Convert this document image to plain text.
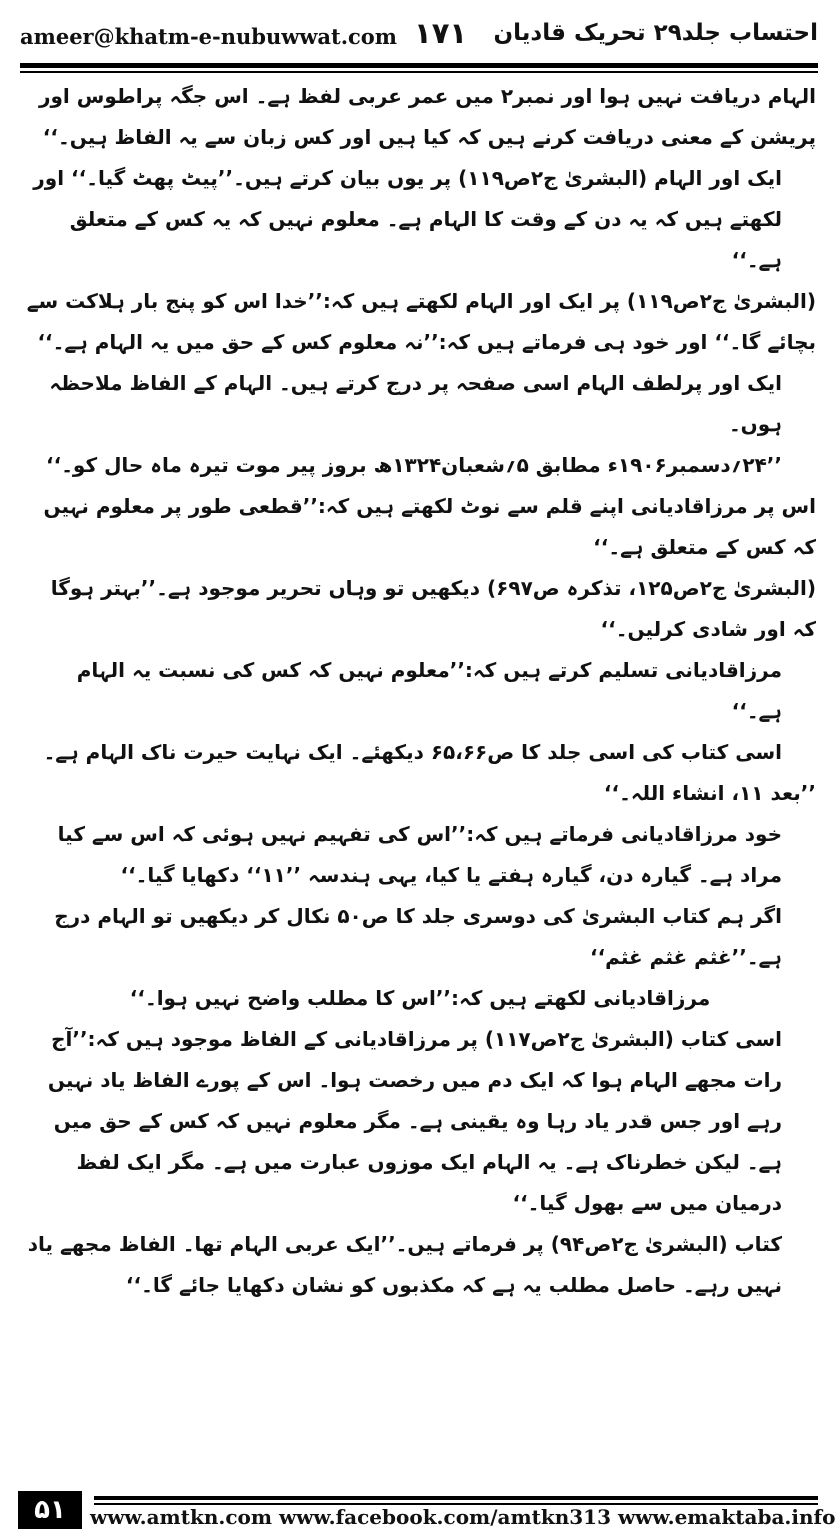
ameer@khatm-e-nubuwwat.com ۱۷۱ احتساب جلد۲۹ تحریک قادیان

الہام دریافت نہیں ہوا اور نمبر۲ میں عمر عربی لفظ ہے۔ اس جگہ پراطوس اور پریشن کے معنی دریافت کرنے ہیں کہ کیا ہیں اور کس زبان سے یہ الفاظ ہیں۔‘‘

ایک اور الہام (البشریٰ ج۲ص۱۱۹) پر یوں بیان کرتے ہیں۔’’پیٹ پھٹ گیا۔‘‘ اور لکھتے ہیں کہ یہ دن کے وقت کا الہام ہے۔ معلوم نہیں کہ یہ کس کے متعلق ہے۔‘‘

(البشریٰ ج۲ص۱۱۹) پر ایک اور الہام لکھتے ہیں کہ:’’خدا اس کو پنج بار ہلاکت سے بچائے گا۔‘‘ اور خود ہی فرماتے ہیں کہ:’’نہ معلوم کس کے حق میں یہ الہام ہے۔‘‘

ایک اور پرلطف الہام اسی صفحہ پر درج کرتے ہیں۔ الہام کے الفاظ ملاحظہ ہوں۔

’’۲۴؍دسمبر۱۹۰۶ء مطابق ۵؍شعبان۱۳۲۴ھ بروز پیر موت تیرہ ماہ حال کو۔‘‘

اس پر مرزاقادیانی اپنے قلم سے نوٹ لکھتے ہیں کہ:’’قطعی طور پر معلوم نہیں کہ کس کے متعلق ہے۔‘‘

(البشریٰ ج۲ص۱۲۵، تذکرہ ص۶۹۷) دیکھیں تو وہاں تحریر موجود ہے۔’’بہتر ہوگا کہ اور شادی کرلیں۔‘‘

مرزاقادیانی تسلیم کرتے ہیں کہ:’’معلوم نہیں کہ کس کی نسبت یہ الہام ہے۔‘‘

اسی کتاب کی اسی جلد کا ص۶۵،۶۶ دیکھئے۔ ایک نہایت حیرت ناک الہام ہے۔

’’بعد ۱۱، انشاء اللہ۔‘‘

خود مرزاقادیانی فرماتے ہیں کہ:’’اس کی تفہیم نہیں ہوئی کہ اس سے کیا مراد ہے۔ گیارہ دن، گیارہ ہفتے یا کیا، یہی ہندسہ ’’۱۱‘‘ دکھایا گیا۔‘‘

اگر ہم کتاب البشریٰ کی دوسری جلد کا ص۵۰ نکال کر دیکھیں تو الہام درج ہے۔’’غثم غثم غثم‘‘

مرزاقادیانی لکھتے ہیں کہ:’’اس کا مطلب واضح نہیں ہوا۔‘‘

اسی کتاب (البشریٰ ج۲ص۱۱۷) پر مرزاقادیانی کے الفاظ موجود ہیں کہ:’’آج رات مجھے الہام ہوا کہ ایک دم میں رخصت ہوا۔ اس کے پورے الفاظ یاد نہیں رہے اور جس قدر یاد رہا وہ یقینی ہے۔ مگر معلوم نہیں کہ کس کے حق میں ہے۔ لیکن خطرناک ہے۔ یہ الہام ایک موزوں عبارت میں ہے۔ مگر ایک لفظ درمیان میں سے بھول گیا۔‘‘

کتاب (البشریٰ ج۲ص۹۴) پر فرماتے ہیں۔’’ایک عربی الہام تھا۔ الفاظ مجھے یاد نہیں رہے۔ حاصل مطلب یہ ہے کہ مکذبوں کو نشان دکھایا جائے گا۔‘‘

۵۱	www.amtkn.com www.facebook.com/amtkn313 www.emaktaba.info
